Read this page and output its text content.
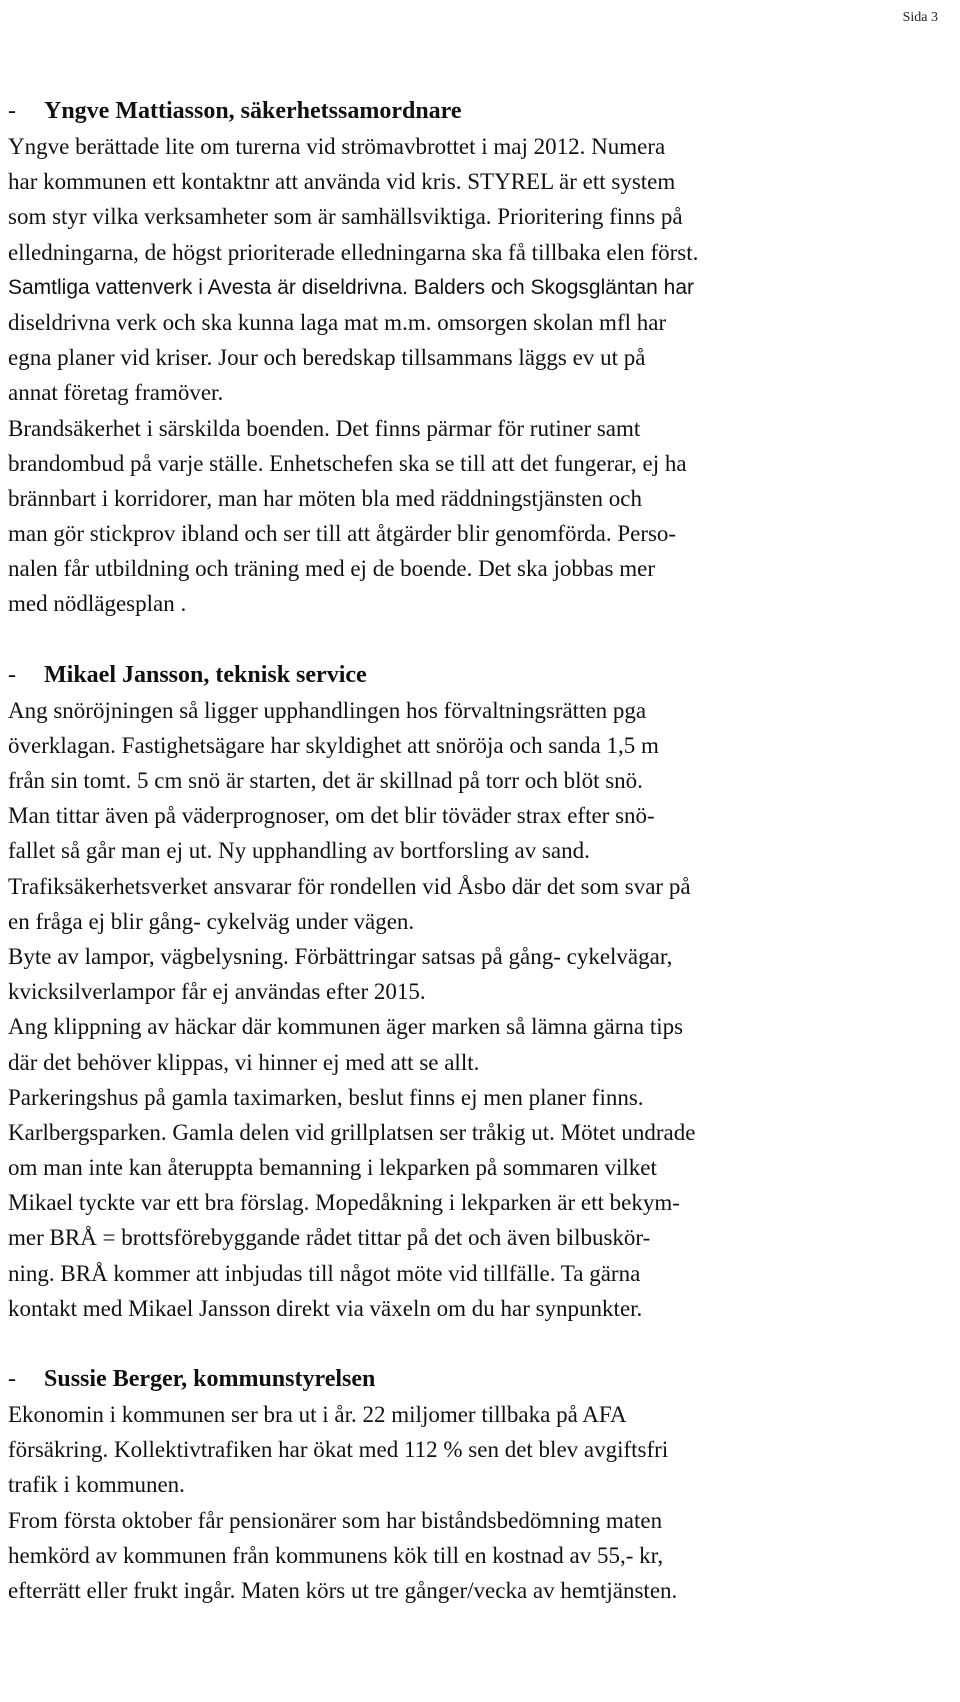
Sida 3
- Yngve Mattiasson, säkerhetssamordnare
Yngve berättade lite om turerna vid strömavbrottet i maj 2012. Numera
har kommunen ett kontaktnr att använda vid kris. STYREL är ett system
som styr vilka verksamheter som är samhällsviktiga. Prioritering finns på
elledningarna, de högst prioriterade elledningarna ska få tillbaka elen först.
Samtliga vattenverk i Avesta är diseldrivna. Balders och Skogsgläntan har
diseldrivna verk och ska kunna laga mat m.m. omsorgen skolan mfl har
egna planer vid kriser. Jour och beredskap tillsammans läggs ev ut på
annat företag framöver.
Brandsäkerhet i särskilda boenden. Det finns pärmar för rutiner samt
brandombud på varje ställe. Enhetschefen ska se till att det fungerar, ej ha
brännbart i korridorer, man har möten bla med räddningstjänsten och
man gör stickprov ibland och ser till att åtgärder blir genomförda. Perso-
nalen får utbildning och träning med ej de boende. Det ska jobbas mer
med nödlägesplan .
- Mikael Jansson, teknisk service
Ang snöröjningen så ligger upphandlingen hos förvaltningsrätten pga
överklagan. Fastighetsägare har skyldighet att snöröja och sanda 1,5 m
från sin tomt. 5 cm snö är starten, det är skillnad på torr och blöt snö.
Man tittar även på väderprognoser, om det blir töväder strax efter snö-
fallet så går man ej ut. Ny upphandling av bortforsling av sand.
Trafiksäkerhetsverket ansvarar för rondellen vid Åsbo där det som svar på
en fråga ej blir gång- cykelväg under vägen.
Byte av lampor, vägbelysning. Förbättringar satsas på gång- cykelvägar,
kvicksilverlampor får ej användas efter 2015.
Ang klippning av häckar där kommunen äger marken så lämna gärna tips
där det behöver klippas, vi hinner ej med att se allt.
Parkeringshus på gamla taximarken, beslut finns ej men planer finns.
Karlbergsparken. Gamla delen vid grillplatsen ser tråkig ut. Mötet undrade
om man inte kan återuppta bemanning i lekparken på sommaren vilket
Mikael tyckte var ett bra förslag. Mopedåkning i lekparken är ett bekym-
mer BRÅ = brottsförebyggande rådet tittar på det och även bilbuskör-
ning. BRÅ kommer att inbjudas till något möte vid tillfälle. Ta gärna
kontakt med Mikael Jansson direkt via växeln om du har synpunkter.
- Sussie Berger, kommunstyrelsen
Ekonomin i kommunen ser bra ut i år. 22 miljomer tillbaka på AFA
försäkring. Kollektivtrafiken har ökat med 112 % sen det blev avgiftsfri
trafik i kommunen.
From första oktober får pensionärer som har biståndsbedömning maten
hemkörd av kommunen från kommunens kök till en kostnad av 55,- kr,
efterrätt eller frukt ingår. Maten körs ut tre gånger/vecka av hemtjänsten.
